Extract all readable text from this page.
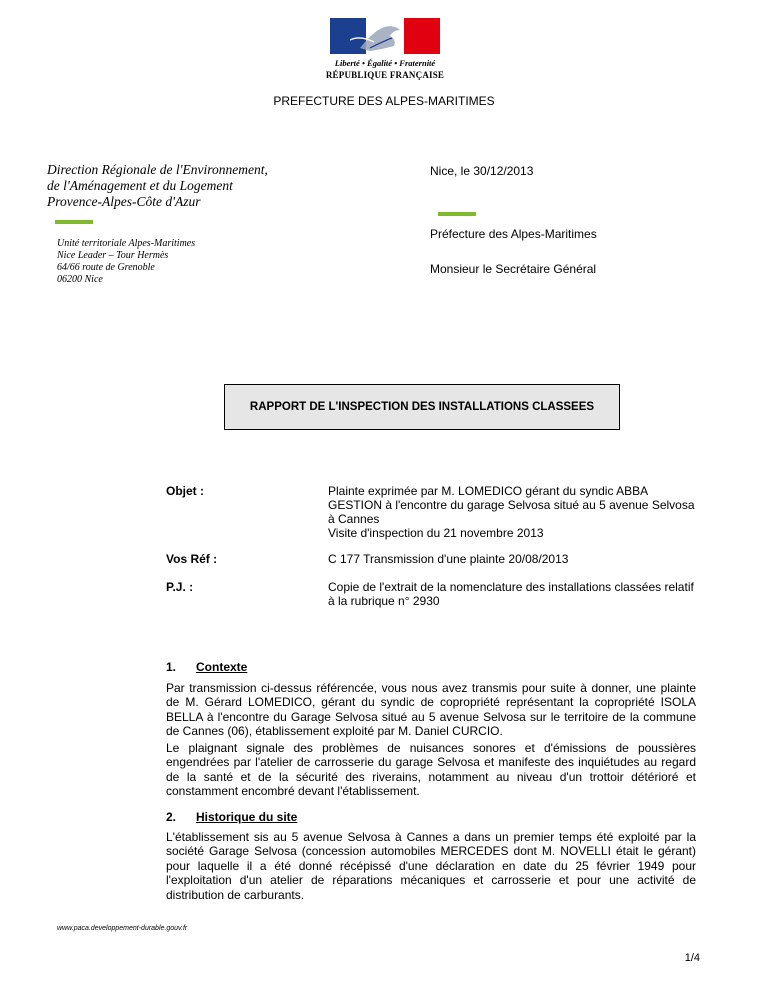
Liberté • Égalité • Fraternité
RÉPUBLIQUE FRANÇAISE
PREFECTURE DES ALPES-MARITIMES
Direction Régionale de l'Environnement,
de l'Aménagement et du Logement
Provence-Alpes-Côte d'Azur
Unité territoriale Alpes-Maritimes
Nice Leader – Tour Hermès
64/66 route de Grenoble
06200 Nice
Nice, le 30/12/2013
Préfecture des Alpes-Maritimes
Monsieur le Secrétaire Général
RAPPORT DE L'INSPECTION DES INSTALLATIONS CLASSEES
Objet :	Plainte exprimée par M. LOMEDICO gérant du syndic ABBA
GESTION à l'encontre du garage Selvosa situé au 5 avenue Selvosa
à Cannes
Visite d'inspection du 21 novembre 2013
Vos Réf :	C 177 Transmission d'une plainte 20/08/2013
P.J. :	Copie de l'extrait de la nomenclature des installations classées relatif
à la rubrique n° 2930
1. Contexte
Par transmission ci-dessus référencée, vous nous avez transmis pour suite à donner, une plainte
de M. Gérard LOMEDICO, gérant du syndic de copropriété représentant la copropriété ISOLA
BELLA à l'encontre du Garage Selvosa situé au 5 avenue Selvosa sur le territoire de la commune
de Cannes (06), établissement exploité par M. Daniel CURCIO.
Le plaignant signale des problèmes de nuisances sonores et d'émissions de poussières
engendrées par l'atelier de carrosserie du garage Selvosa et manifeste des inquiétudes au regard
de la santé et de la sécurité des riverains, notamment au niveau d'un trottoir détérioré et
constamment encombré devant l'établissement.
2. Historique du site
L'établissement sis au 5 avenue Selvosa à Cannes a dans un premier temps été exploité par la
société Garage Selvosa (concession automobiles MERCEDES dont M. NOVELLI était le gérant)
pour laquelle il a été donné récépissé d'une déclaration en date du 25 février 1949 pour
l'exploitation d'un atelier de réparations mécaniques et carrosserie et pour une activité de
distribution de carburants.
www.paca.developpement-durable.gouv.fr
1/4
